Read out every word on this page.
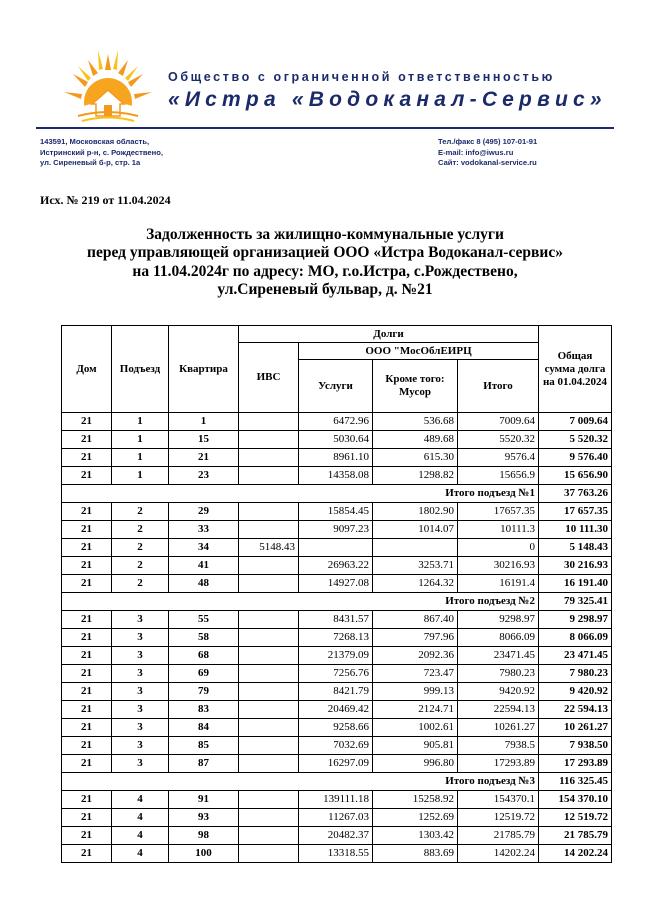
Общество с ограниченной ответственностью
«Истра «Водоканал-Сервис»
143591, Московская область,
Истринский р-н, с. Рождествено,
ул. Сиреневый б-р, стр. 1а
Тел./факс 8 (495) 107-01-91
E-mail: info@iwus.ru
Сайт: vodokanal-service.ru
Исх. № 219 от 11.04.2024
Задолженность за жилищно-коммунальные услуги
перед управляющей организацией ООО «Истра Водоканал-сервис»
на 11.04.2024г по адресу: МО, г.о.Истра, с.Рождествено,
ул.Сиреневый бульвар, д. №21
Дом	Подъезд	Квартира	Долги				Общая сумма долга на 01.04.2024
			ИВС	ООО "МосОблЕИРЦ			
				Услуги	Кроме того: Мусор	Итого	
21	1	1		6472.96	536.68	7009.64	7 009.64
21	1	15		5030.64	489.68	5520.32	5 520.32
21	1	21		8961.10	615.30	9576.4	9 576.40
21	1	23		14358.08	1298.82	15656.9	15 656.90
Итого подъезд №1							37 763.26
21	2	29		15854.45	1802.90	17657.35	17 657.35
21	2	33		9097.23	1014.07	10111.3	10 111.30
21	2	34	5148.43			0	5 148.43
21	2	41		26963.22	3253.71	30216.93	30 216.93
21	2	48		14927.08	1264.32	16191.4	16 191.40
Итого подъезд №2							79 325.41
21	3	55		8431.57	867.40	9298.97	9 298.97
21	3	58		7268.13	797.96	8066.09	8 066.09
21	3	68		21379.09	2092.36	23471.45	23 471.45
21	3	69		7256.76	723.47	7980.23	7 980.23
21	3	79		8421.79	999.13	9420.92	9 420.92
21	3	83		20469.42	2124.71	22594.13	22 594.13
21	3	84		9258.66	1002.61	10261.27	10 261.27
21	3	85		7032.69	905.81	7938.5	7 938.50
21	3	87		16297.09	996.80	17293.89	17 293.89
Итого подъезд №3							116 325.45
21	4	91		139111.18	15258.92	154370.1	154 370.10
21	4	93		11267.03	1252.69	12519.72	12 519.72
21	4	98		20482.37	1303.42	21785.79	21 785.79
21	4	100		13318.55	883.69	14202.24	14 202.24
